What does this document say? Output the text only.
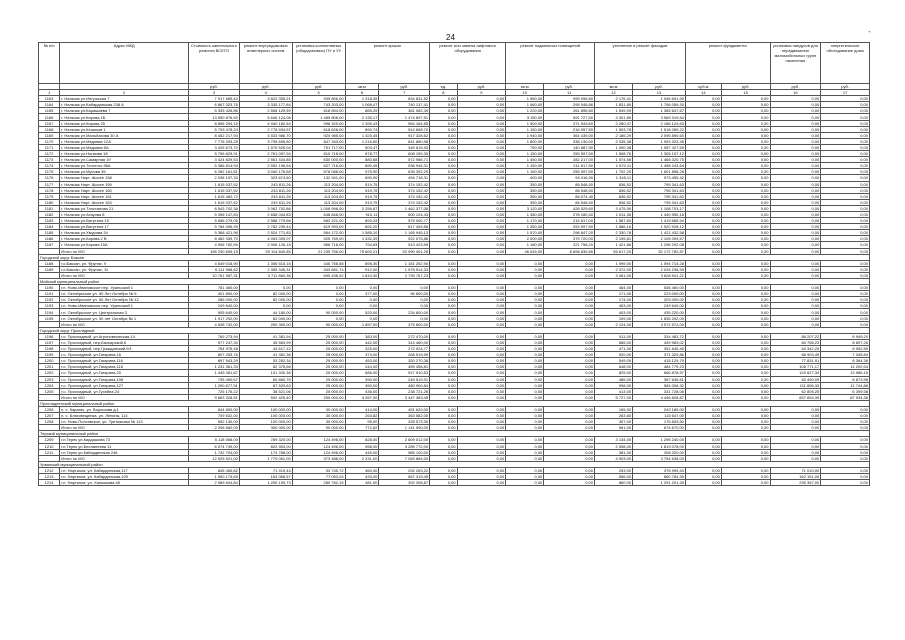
24	`
№ п/п	Адрес МКД	Стоимость капитального ремонта ВСЕГО	ремонт внутридомовых инженерных систем	установка коллективных (общедомовых) ПУ и УУ	ремонт крыши		ремонт или замена лифтового оборудования		ремонт подвальных помещений		утепление и ремонт фасадов		ремонт фундамента		установка пандусов для передвижения маломобильных групп населения	энергетическое обследование дома
		руб.	руб.	руб.	кв.м	руб.	ед.	руб.	кв.м	руб.	кв.м	руб.	куб.м	руб.	руб.	руб.
1	2	3	4	5	6	7	8	9	10	11	12	13	14	15	16	17
1163	г. Нальчик ул.Ингушская 7	7 917 685,43	3 822 305,21	939 806,00	1 318,35	834 831,52	0,00	0,00	1 960,00	999 096,80	2 176,41	1 946 691,90	0,00	0,00	0,00	0,00
1164	г. Нальчик ул.Кабардинская 238 А	6 867 323,76	3 335 177,84	743 203,00	1 068,47	740 137,41	0,00	0,00	1 960,00	295 046,86	1 831,80	1 756 059,30	0,00	0,00	0,00	0,00
1165	г. Нальчик ул.Карашаева 7	5 333 426,86	2 508 129,59	618 894,00	865,29	361 062,49	0,00	0,00	1 220,00	261 896,60	1 549,09	1 385 647,67	0,00	0,00	0,00	0,00
1166	г. Нальчик ул.Кирова 1Б	13 550 876,50	6 646 124,08	1 485 808,00	2 135,17	1 474 897,51	0,00	0,00	3 150,00	591 727,50	3 301,85	3 569 319,54	0,00	0,00	0,00	0,00
1167	г. Нальчик ул.Кирова 25	8 896 294,15	4 940 182,64	998 329,00	1 395,43	964 164,85	0,00	0,00	1 900,00	371 943,60	2 280,47	2 186 124,63	0,00	0,00	0,00	0,00
1168	г. Нальчик ул.Кешоков 1	5 793 478,24	2 778 534,97	618 628,00	890,74	514 668,70	0,00	0,00	1 150,00	216 057,50	1 503,78	1 518 289,22	0,00	0,00	0,00	0,00
1169	г. Нальчик ул.Мальбахова 30 А	8 452 217,93	4 533 986,70	920 985,00	1 325,45	917 328,62	0,00	0,00	1 940,00	364 439,00	2 186,29	2 095 890,60	0,00	0,00	0,00	0,00
1170	г. Нальчик ул.Медовая 12А	7 776 293,25	3 795 695,80	847 263,00	1 216,50	841 880,98	0,00	0,00	1 800,00	338 130,00	2 035,38	1 953 323,45	0,00	0,00	0,00	0,00
1171	г. Нальчик ул.Медовая 5А	3 425 673,70	1 576 525,04	751 717,00	503,47	349 815,93	0,00	0,00	750,00	140 887,50	1 090,38	1 087 427,59	0,00	0,00	0,00	0,00
1172	г. Нальчик ул.Ногмова 18	5 796 629,91	2 761 097,94	610 718,00	878,77	608 159,35	0,00	0,00	1 150,00	255 597,50	1 508,76	1 305 157,12	0,00	0,00	0,00	0,00
1173	г. Нальчик ул.Самарная 19	3 424 829,53	2 561 434,85	630 000,00	880,68	572 986,71	0,00	0,00	1 450,00	282 217,00	1 574,56	1 468 320,75	0,00	0,00	0,00	0,00
1174	г. Нальчик ул.Толстого 98А	5 386 814,94	2 552 196,54	627 716,00	890,45	536 945,31	0,00	0,00	1 150,00	211 817,50	1 570,11	1 458 243,64	0,00	0,00	0,00	0,00
1175	г. Нальчик ул.Мусова 35	6 282 161,81	3 040 176,68	678 088,00	975,90	635 392,25	0,00	0,00	1 150,00	255 597,50	1 702,25	1 601 858,28	0,00	0,00	0,00	0,00
1176	г. Нальчик Нарт. Шосее 158	2 038 197,33	323 674,60	132 941,00	690,90	494 718,31	0,00	0,00	400,00	94 416,00	1 345,11	973 455,42	0,00	0,00	0,00	0,00
1177	г. Нальчик Нарт. Шосее 159	1 615 037,52	243 811,26	113 204,00	519,75	374 152,42	0,00	0,00	350,00	86 548,00	836,52	795 341,63	0,00	0,00	0,00	0,00
1178	г. Нальчик Нарт. Шосее 160	1 615 037,52	243 811,26	113 204,00	519,75	374 152,42	0,00	0,00	350,00	86 548,00	836,52	795 341,63	0,00	0,00	0,00	0,00
1179	г. Нальчик Нарт. Шосее 161	1 615 482,72	243 811,26	113 204,00	519,75	374 152,42	0,00	0,00	350,00	86 974,40	836,52	795 341,63	0,00	0,00	0,00	0,00
1180	г. Нальчик Нарт. Шосее 163	1 615 037,52	243 811,26	113 204,00	519,75	374 152,42	0,00	0,00	350,00	86 548,00	836,52	795 341,63	0,00	0,00	0,00	0,00
1181	г. Нальчик ул.Тлостанова 21	6 543 702,38	3 062 702,86	1 008 998,00	2 256,87	1 462 377,08	0,00	0,00	3 120,00	428 529,60	3 475,90	1 108 703,17	0,00	0,00	0,00	0,00
1182	г. Нальчик ул.Атауова 8	5 396 147,83	2 658 044,83	648 846,00	910,11	500 124,43	0,00	0,00	1 380,00	278 180,40	1 611,35	1 440 950,18	0,00	0,00	0,00	0,00
1183	г. Нальчик ул.Ватутина 15	5 656 279,05	2 588 779,66	683 221,00	893,33	579 090,77	0,00	0,00	1 170,00	215 817,00	1 587,60	1 419 685,94	0,00	0,00	0,00	0,00
1184	г. Нальчик ул.Ватутина 17	5 784 096,99	2 782 239,44	619 993,00	892,20	617 453,56	0,00	0,00	1 350,00	253 597,50	1 586,16	1 520 928,12	0,00	0,00	0,00	0,00
1185	г. Нальчик ул.Хмурова 34	5 368 421,96	2 524 771,83	564 172,00	1 585,10	1 165 945,13	0,00	0,00	1 570,00	298 847,20	2 330,78	1 421 432,58	0,00	0,00	0,00	0,00
1186	г. Нальчик ул.Карова 2 В	8 482 339,70	4 053 009,07	925 769,00	1 332,39	922 075,86	0,00	0,00	2 000,00	379 720,00	2 195,81	2 105 009,57	0,00	0,00	0,00	0,00
1187	г. Нальчик ул.Карова 15А	4 906 762,59	2 906 126,15	566 718,00	794,83	513 423,99	0,00	0,00	1 180,00	221 758,20	1 421,66	1 296 292,08	0,00	0,00	0,00	0,00
	Итого по МО	196 230 605,15	93 114 840,85	21 235 756,00	75 600,21	52 990 401,26	0,00	0,00	46 045,00	8 696 839,65	55 617,20	52 172 782,87	0,00	0,00	0,00	0,00
Городской округ Баксан																
1188	г.о.Баксан, ул. Фрунзе, 9	4 649 018,90	1 356 515,15	346 756,58	898,30	1 161 252,90	0,00	0,00	0,00	0,00	1 999,00	1 594 714,28	0,00	0,00	0,00	0,00
1189	г.о.Баксан, ул. Фрунзе, 11	6 111 968,62	2 355 345,31	343 681,74	912,00	1 578 514,33	0,00	0,00	0,00	0,00	2 372,00	2 034 236,95	0,00	0,00	0,00	0,00
	Итого по МО	10 761 987,31	3 711 860,36	690 438,32	1 810,30	2 739 767,23	0,00	0,00	0,00	0,00	3 081,00	3 628 941,21	0,00	0,00	0,00	0,00
Майский муниципальный район																
1190	г.п. Ново-Ивановское пер. Уральский 1	781 460,00	0,00	0,00	0,00	0,00	0,00	0,00	0,00	0,00	484,00	536 460,00	0,00	0,00	0,00	0,00
1191	г.п. Октябрьское ул. 50 Лет Октября № 5	401 800,00	82 000,00	0,00	377,00	96 800,00	0,00	0,00	0,00	0,00	171,00	223 000,00	0,00	0,00	0,00	0,00
1192	г.п. Октябрьское ул. 50 Лет Октября № 12	285 000,00	82 000,00	0,00	0,00	0,00	0,00	0,00	0,00	0,00	174,00	203 000,00	0,00	0,00	0,00	0,00
1193	г.п. Ново-Ивановское пер. Уральский 1	249 640,00	0,00	0,00	0,00	0,00	0,00	0,00	0,00	0,00	463,00	249 640,00	0,00	0,00	0,00	0,00
1194	г.п. Октябрьское ул. Центральная 3	905 640,00	44 180,00	90 000,00	520,00	234 800,00	0,00	0,00	0,00	0,00	403,00	435 220,00	0,00	0,00	0,00	0,00
1195	г.п. Октябрьское ул. 50 лет Октября № 1	1 917 292,00	82 000,00	0,00	0,00	0,00	0,00	0,00	0,00	0,00	109,00	1 835 292,00	0,00	0,00	0,00	0,00
	Итого по МО	4 538 732,00	290 390,00	90 000,00	1 897,00	375 800,00	0,00	0,00	0,00	0,00	2 124,00	3 572 572,00	0,00	0,00	0,00	0,00
Городской округ Прохладный																
1196	г.о. Прохладный, ул.Агрономическая,14	769 273,94	41 381,94	25 000,00	383,00	272 470,00	0,00	0,00	0,00	0,00	511,00	334 483,72	0,00	0,00	86 207,22	6 949,20
1197	г.о. Прохладный, пер.Балкарский,6	977 247,30	45 563,99	25 000,00	442,00	314 460,00	0,00	0,00	0,00	0,00	585,00	449 983,02	0,00	0,00	84 766,23	8 897,26
1198	г.о. Прохладный, пер.Гражданский,9/1	764 976,48	43 617,12	25 000,00	325,00	272 024,77	0,00	0,00	0,00	0,00	471,00	351 645,46	0,00	0,00	64 342,20	6 952,55
1199	г.о. Прохладный, ул.Гагарина,16	807 253,76	41 381,36	25 000,00	374,00	268 519,99	0,00	0,00	0,00	0,00	520,00	371 329,86	0,00	0,00	68 903,49	7 345,84
1200	г.о. Прохладный, ул.Гагарина,116	897 543,29	53 252,34	25 000,00	453,00	320 270,38	0,00	0,00	0,00	0,00	549,00	415 129,79	0,00	0,00	77 831,91	8 364,36
1201	г.о. Прохладный, ул.Гагарина,118	1 231 361,33	82 375,66	25 000,00	244,00	459 458,81	0,00	0,00	0,00	0,00	648,00	484 779,23	0,00	0,00	106 771,17	11 200,94
1202	г.о. Прохладный, ул.Гагарина,20	1 445 081,87	101 330,36	25 000,00	686,00	517 010,53	0,00	0,00	0,00	0,00	825,00	666 878,97	0,00	0,00	125 627,34	13 986,15
1203	г.о. Прохладный, ул.Гагарина,108	735 490,67	65 860,76	25 000,00	390,00	249 519,31	0,00	0,00	0,00	0,00	486,00	367 636,61	0,00	0,00	63 490,05	6 873,98
1204	г.о. Прохладный, ул.Гагарина,127	1 290 677,91	87 529,63	25 000,00	450,00	480 900,84	0,00	0,00	0,00	0,00	998,00	584 006,32	0,00	0,00	111 896,33	11 744,88
1205	г.о. Прохладный, ул.Гусейна,24	725 176,22	38 521,06	25 000,00	436,00	238 721,28	0,00	0,00	0,00	0,00	413,00	331 728,06	0,00	0,00	62 805,25	6 399,58
	Итого по МО	9 663 328,51	592 425,40	250 000,00	4 267,00	3 447 383,45	0,00	0,00	0,00	0,00	5 727,00	4 446 828,87	0,00	0,00	837 654,39	87 934,36
Прохладненский муниципальный район																
1206	п. с. Карагач, ул. Ворошова д.1	844 800,00	100 000,00	30 000,00	414,00	451 620,00	0,00	0,00	0,00	0,00	165,92	243 180,00	0,00	0,00	0,00	0,00
1207	п. с. Благовещенка, ул. Ленина, 114	709 632,00	100 000,00	30 000,00	263,82	363 582,00	0,00	0,00	0,00	0,00	283,60	115 647,00	0,00	0,00	0,00	0,00
1208	г.п. Ново-Полтавское, ул. Третьякова № 113	652 130,00	100 000,00	30 000,00	95,00	325 573,30	0,00	0,00	0,00	0,00	307,00	175 833,50	0,00	0,00	0,00	0,00
	Итого по МО	2 206 562,00	300 000,00	90 000,00	772,82	1 141 590,00	0,00	0,00	0,00	0,00	961,00	674 670,00	0,00	0,00	0,00	0,00
Терский муниципальный район																
1209	г.п.Терек ул.Кярдашова 73	5 118 068,00	789 320,00	124 496,00	828,00	2 809 012,00	0,00	0,00	0,00	0,00	3 134,00	1 295 240,00	0,00	0,00	0,00	0,00
1210	г.п.Терек ул.Бесланеева 11	6 074 749,00	822 953,00	124 496,00	958,00	3 289 772,00	0,00	0,00	0,00	0,00	2 598,00	1 819 078,00	0,00	0,00	0,00	0,00
1211	г.п.Терек ул.Кабардинская 246	1 732 704,00	174 788,00	124 496,00	445,00	985 100,00	0,00	0,00	0,00	0,00	381,00	308 320,00	0,00	0,00	0,00	0,00
	Итого по МО	12 925 521,00	1 779 061,00	373 488,00	2 231,00	7 083 884,00	0,00	0,00	0,00	0,00	4 903,00	3 754 638,00	0,00	0,00	0,00	0,00
Урванский муниципальный район																
1212	г.п. Нарткала, ул. Кабардинская,117	845 450,82	71 419,44	33 745,72	460,00	292 263,22	0,00	0,00	0,00	0,00	253,00	376 999,43	0,00	0,00	71 010,00	0,00
1213	г.п. Нарткала, ул. Кабардинская,109	1 950 173,69	163 068,57	77 053,24	433,00	667 319,49	0,00	0,00	0,00	0,00	556,00	860 784,39	0,00	0,00	162 151,00	0,00
1214	г.п. Нарткала, ул. Ханжокова,48	2 989 604,84	1 290 159,73	280 782,15	481,00	392 306,87	0,00	0,00	0,00	0,00	860,00	1 291 201,35	0,00	0,00	235 367,00	0,00
